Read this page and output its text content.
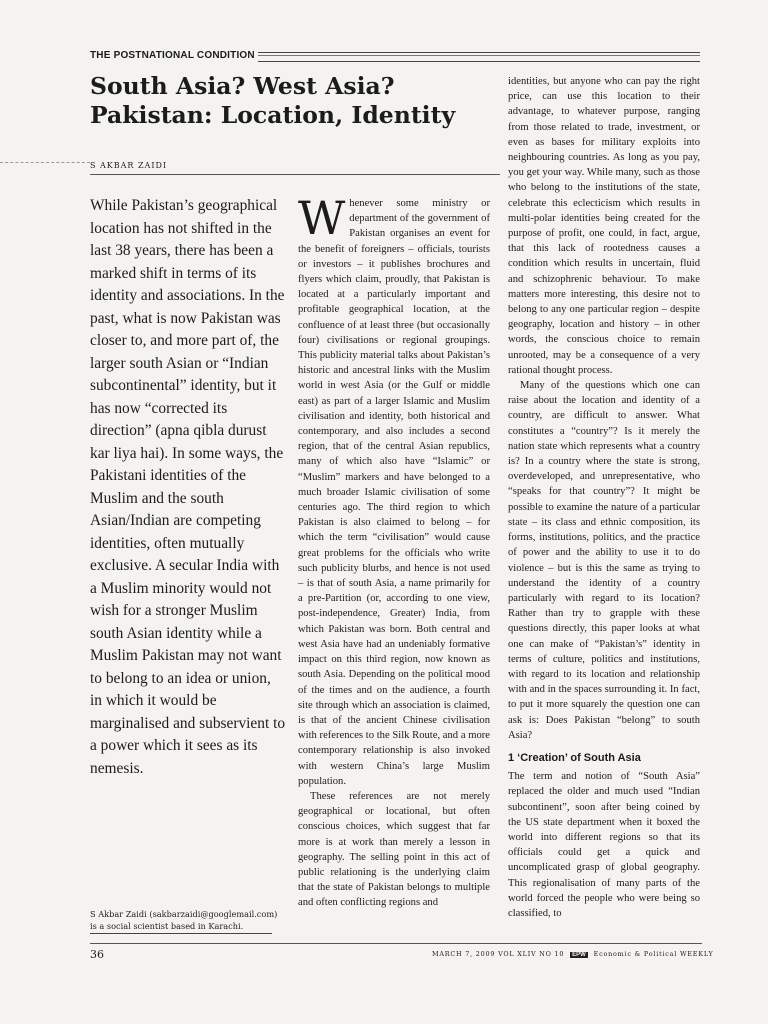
THE POSTNATIONAL CONDITION
South Asia? West Asia? Pakistan: Location, Identity
S AKBAR ZAIDI

While Pakistan’s geographical location has not shifted in the last 38 years, there has been a marked shift in terms of its identity and associations. In the past, what is now Pakistan was closer to, and more part of, the larger south Asian or “Indian subcontinental” identity, but it has now “corrected its direction” (apna qibla durust kar liya hai). In some ways, the Pakistani identities of the Muslim and the south Asian/Indian are competing identities, often mutually exclusive. A secular India with a Muslim minority would not wish for a stronger Muslim south Asian identity while a Muslim Pakistan may not want to belong to an idea or union, in which it would be marginalised and subservient to a power which it sees as its nemesis.

S Akbar Zaidi (sakbarzaidi@googlemail.com) is a social scientist based in Karachi.

W henever some ministry or department of the government of Pakistan organises an event for the benefit of foreigners – officials, tourists or investors – it publishes brochures and flyers which claim, proudly, that Pakistan is located at a particularly important and profitable geographical location, at the confluence of at least three (but occasionally four) civilisations or regional groupings. This publicity material talks about Pakistan’s historic and ancestral links with the Muslim world in west Asia (or the Gulf or middle east) as part of a larger Islamic and Muslim civilisation and identity, both historical and contemporary, and also includes a second region, that of the central Asian republics, many of which also have “Islamic” or “Muslim” markers and have belonged to a much broader Islamic civilisation of some centuries ago. The third region to which Pakistan is also claimed to belong – for which the term “civilisation” would cause great problems for the officials who write such publicity blurbs, and hence is not used – is that of south Asia, a name primarily for a pre-Partition (or, according to one view, post-independence, Greater) India, from which Pakistan was born. Both central and west Asia have had an undeniably formative impact on this third region, now known as south Asia. Depending on the political mood of the times and on the audience, a fourth site through which an association is claimed, is that of the ancient Chinese civilisation with references to the Silk Route, and a more contemporary relationship is also invoked with western China’s large Muslim population.

These references are not merely geographical or locational, but often conscious choices, which suggest that far more is at work than merely a lesson in geography. The selling point in this act of public relationing is the underlying claim that the state of Pakistan belongs to multiple and often conflicting regions and

identities, but anyone who can pay the right price, can use this location to their advantage, to whatever purpose, ranging from those related to trade, investment, or even as bases for military exploits into neighbouring countries. As long as you pay, you get your way. While many, such as those who belong to the institutions of the state, celebrate this eclecticism which results in multi-polar identities being created for the purpose of profit, one could, in fact, argue, that this lack of rootedness causes a condition which results in uncertain, fluid and schizophrenic behaviour. To make matters more interesting, this desire not to belong to any one particular region – despite geography, location and history – in other words, the conscious choice to remain unrooted, may be a consequence of a very rational thought process.

Many of the questions which one can raise about the location and identity of a country, are difficult to answer. What constitutes a “country”? Is it merely the nation state which represents what a country is? In a country where the state is strong, overdeveloped, and unrepresentative, who “speaks for that country”? It might be possible to examine the nature of a particular state – its class and ethnic composition, its forms, institutions, politics, and the practice of power and the ability to use it to do violence – but is this the same as trying to understand the identity of a country particularly with regard to its location? Rather than try to grapple with these questions directly, this paper looks at what one can make of “Pakistan’s” identity in terms of culture, politics and institutions, with regard to its location and relationship with and in the spaces surrounding it. In fact, to put it more squarely the question one can ask is: Does Pakistan “belong” to south Asia?

1 ‘Creation’ of South Asia

The term and notion of “South Asia” replaced the older and much used “Indian subcontinent”, soon after being coined by the US state department when it boxed the world into different regions so that its officials could get a quick and uncomplicated grasp of global geography. This regionalisation of many parts of the world forced the people who were being so classified, to

36	MARCH 7, 2009 VOL XLIV NO 10 EPW Economic & Political WEEKLY
